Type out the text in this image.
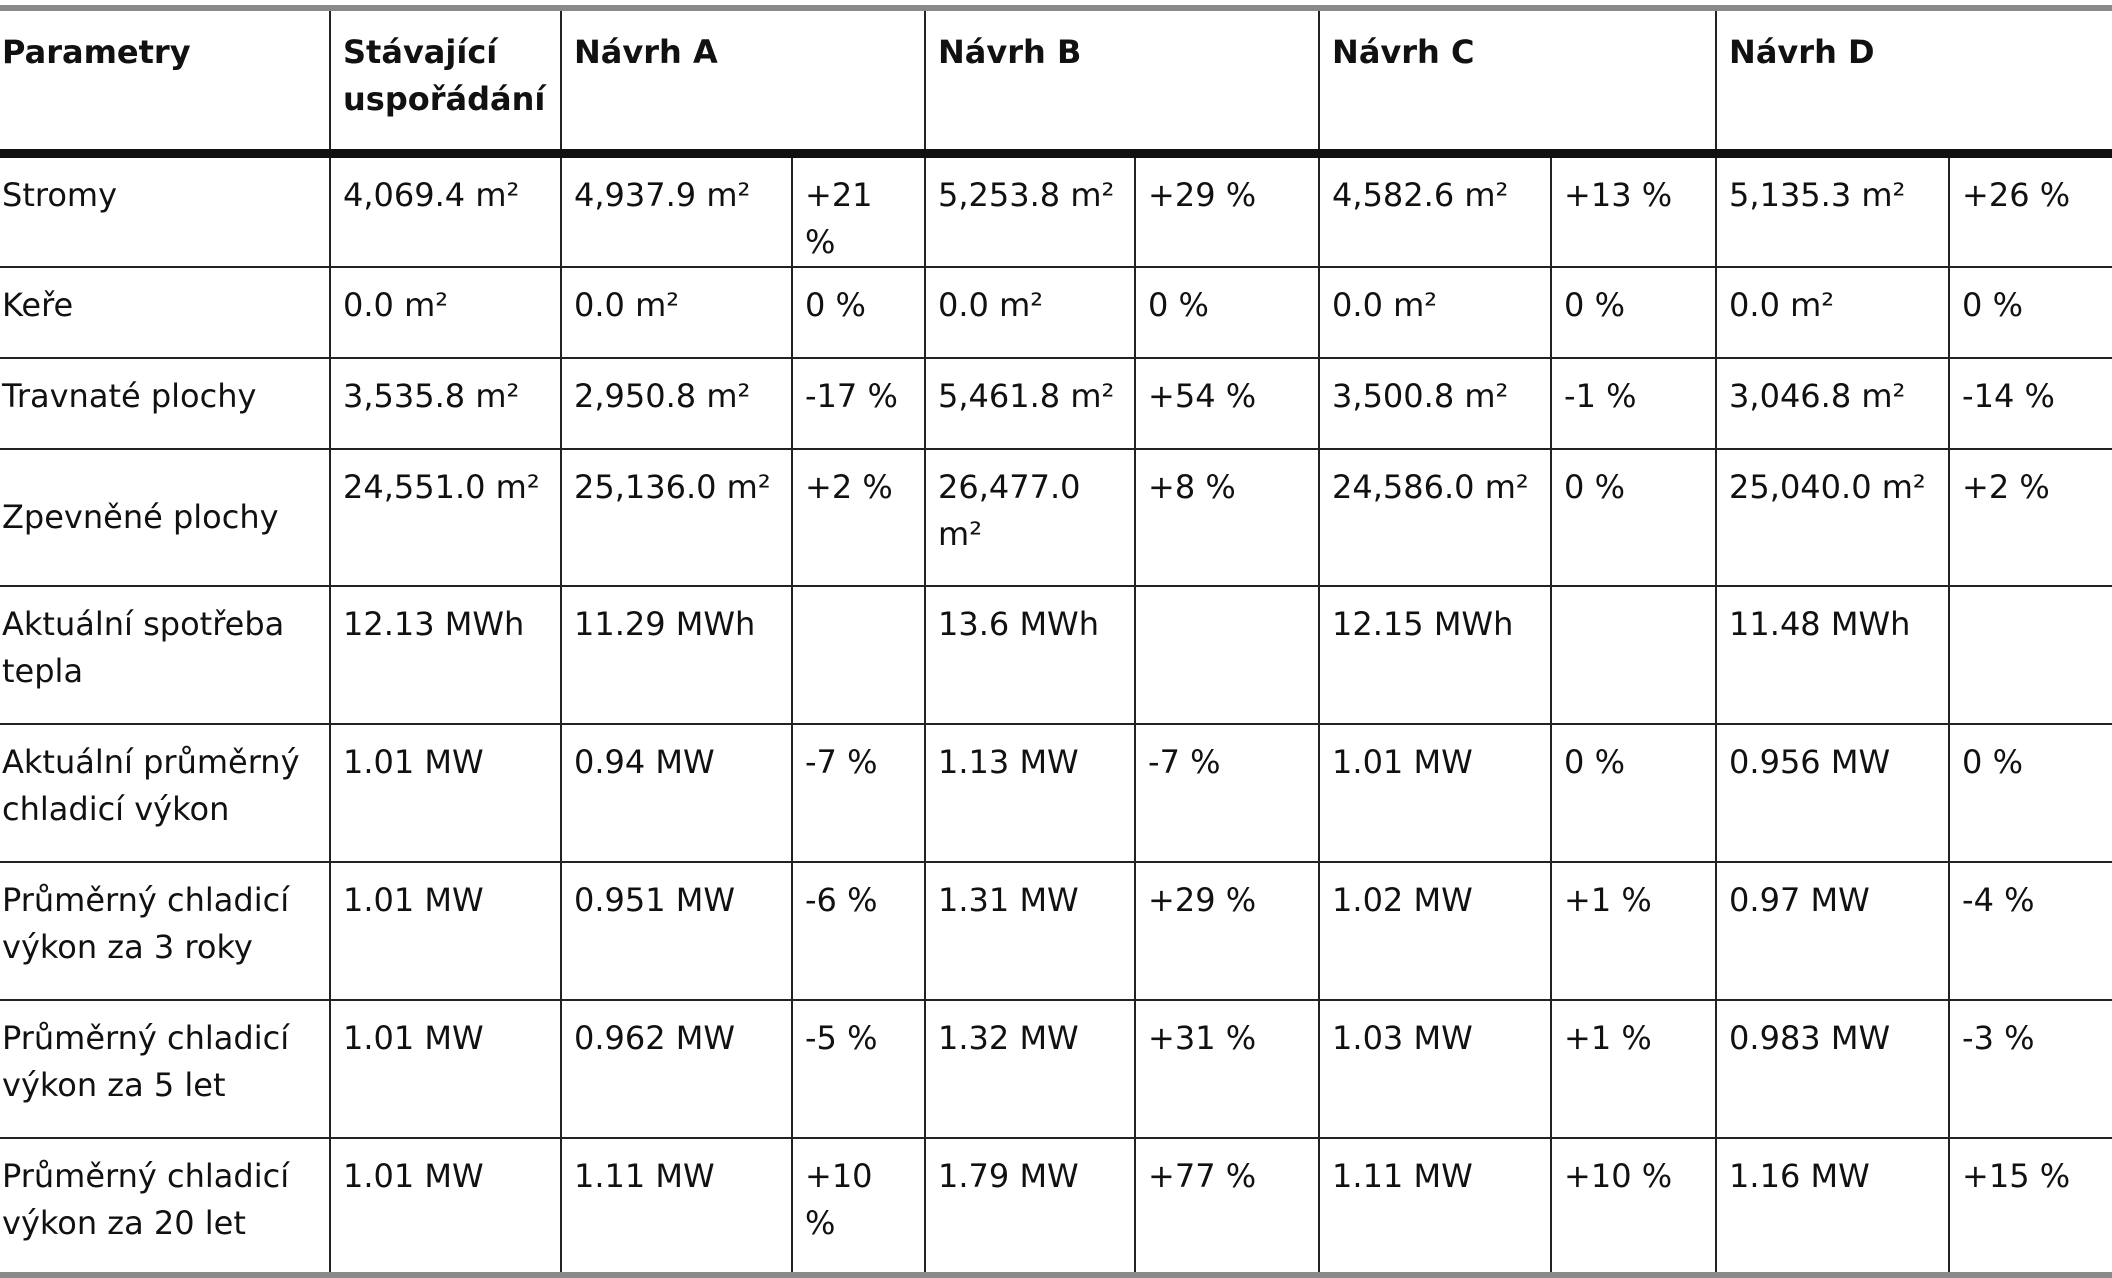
Parametry	Stávající uspořádání	Návrh A		Návrh B		Návrh C		Návrh D	
Stromy	4,069.4 m²	4,937.9 m²	+21 %	5,253.8 m²	+29 %	4,582.6 m²	+13 %	5,135.3 m²	+26 %
Keře	0.0 m²	0.0 m²	0 %	0.0 m²	0 %	0.0 m²	0 %	0.0 m²	0 %
Travnaté plochy	3,535.8 m²	2,950.8 m²	-17 %	5,461.8 m²	+54 %	3,500.8 m²	-1 %	3,046.8 m²	-14 %
Zpevněné plochy	24,551.0 m²	25,136.0 m²	+2 %	26,477.0 m²	+8 %	24,586.0 m²	0 %	25,040.0 m²	+2 %
Aktuální spotřeba tepla	12.13 MWh	11.29 MWh		13.6 MWh		12.15 MWh		11.48 MWh	
Aktuální průměrný chladicí výkon	1.01 MW	0.94 MW	-7 %	1.13 MW	-7 %	1.01 MW	0 %	0.956 MW	0 %
Průměrný chladicí výkon za 3 roky	1.01 MW	0.951 MW	-6 %	1.31 MW	+29 %	1.02 MW	+1 %	0.97 MW	-4 %
Průměrný chladicí výkon za 5 let	1.01 MW	0.962 MW	-5 %	1.32 MW	+31 %	1.03 MW	+1 %	0.983 MW	-3 %
Průměrný chladicí výkon za 20 let	1.01 MW	1.11 MW	+10 %	1.79 MW	+77 %	1.11 MW	+10 %	1.16 MW	+15 %
